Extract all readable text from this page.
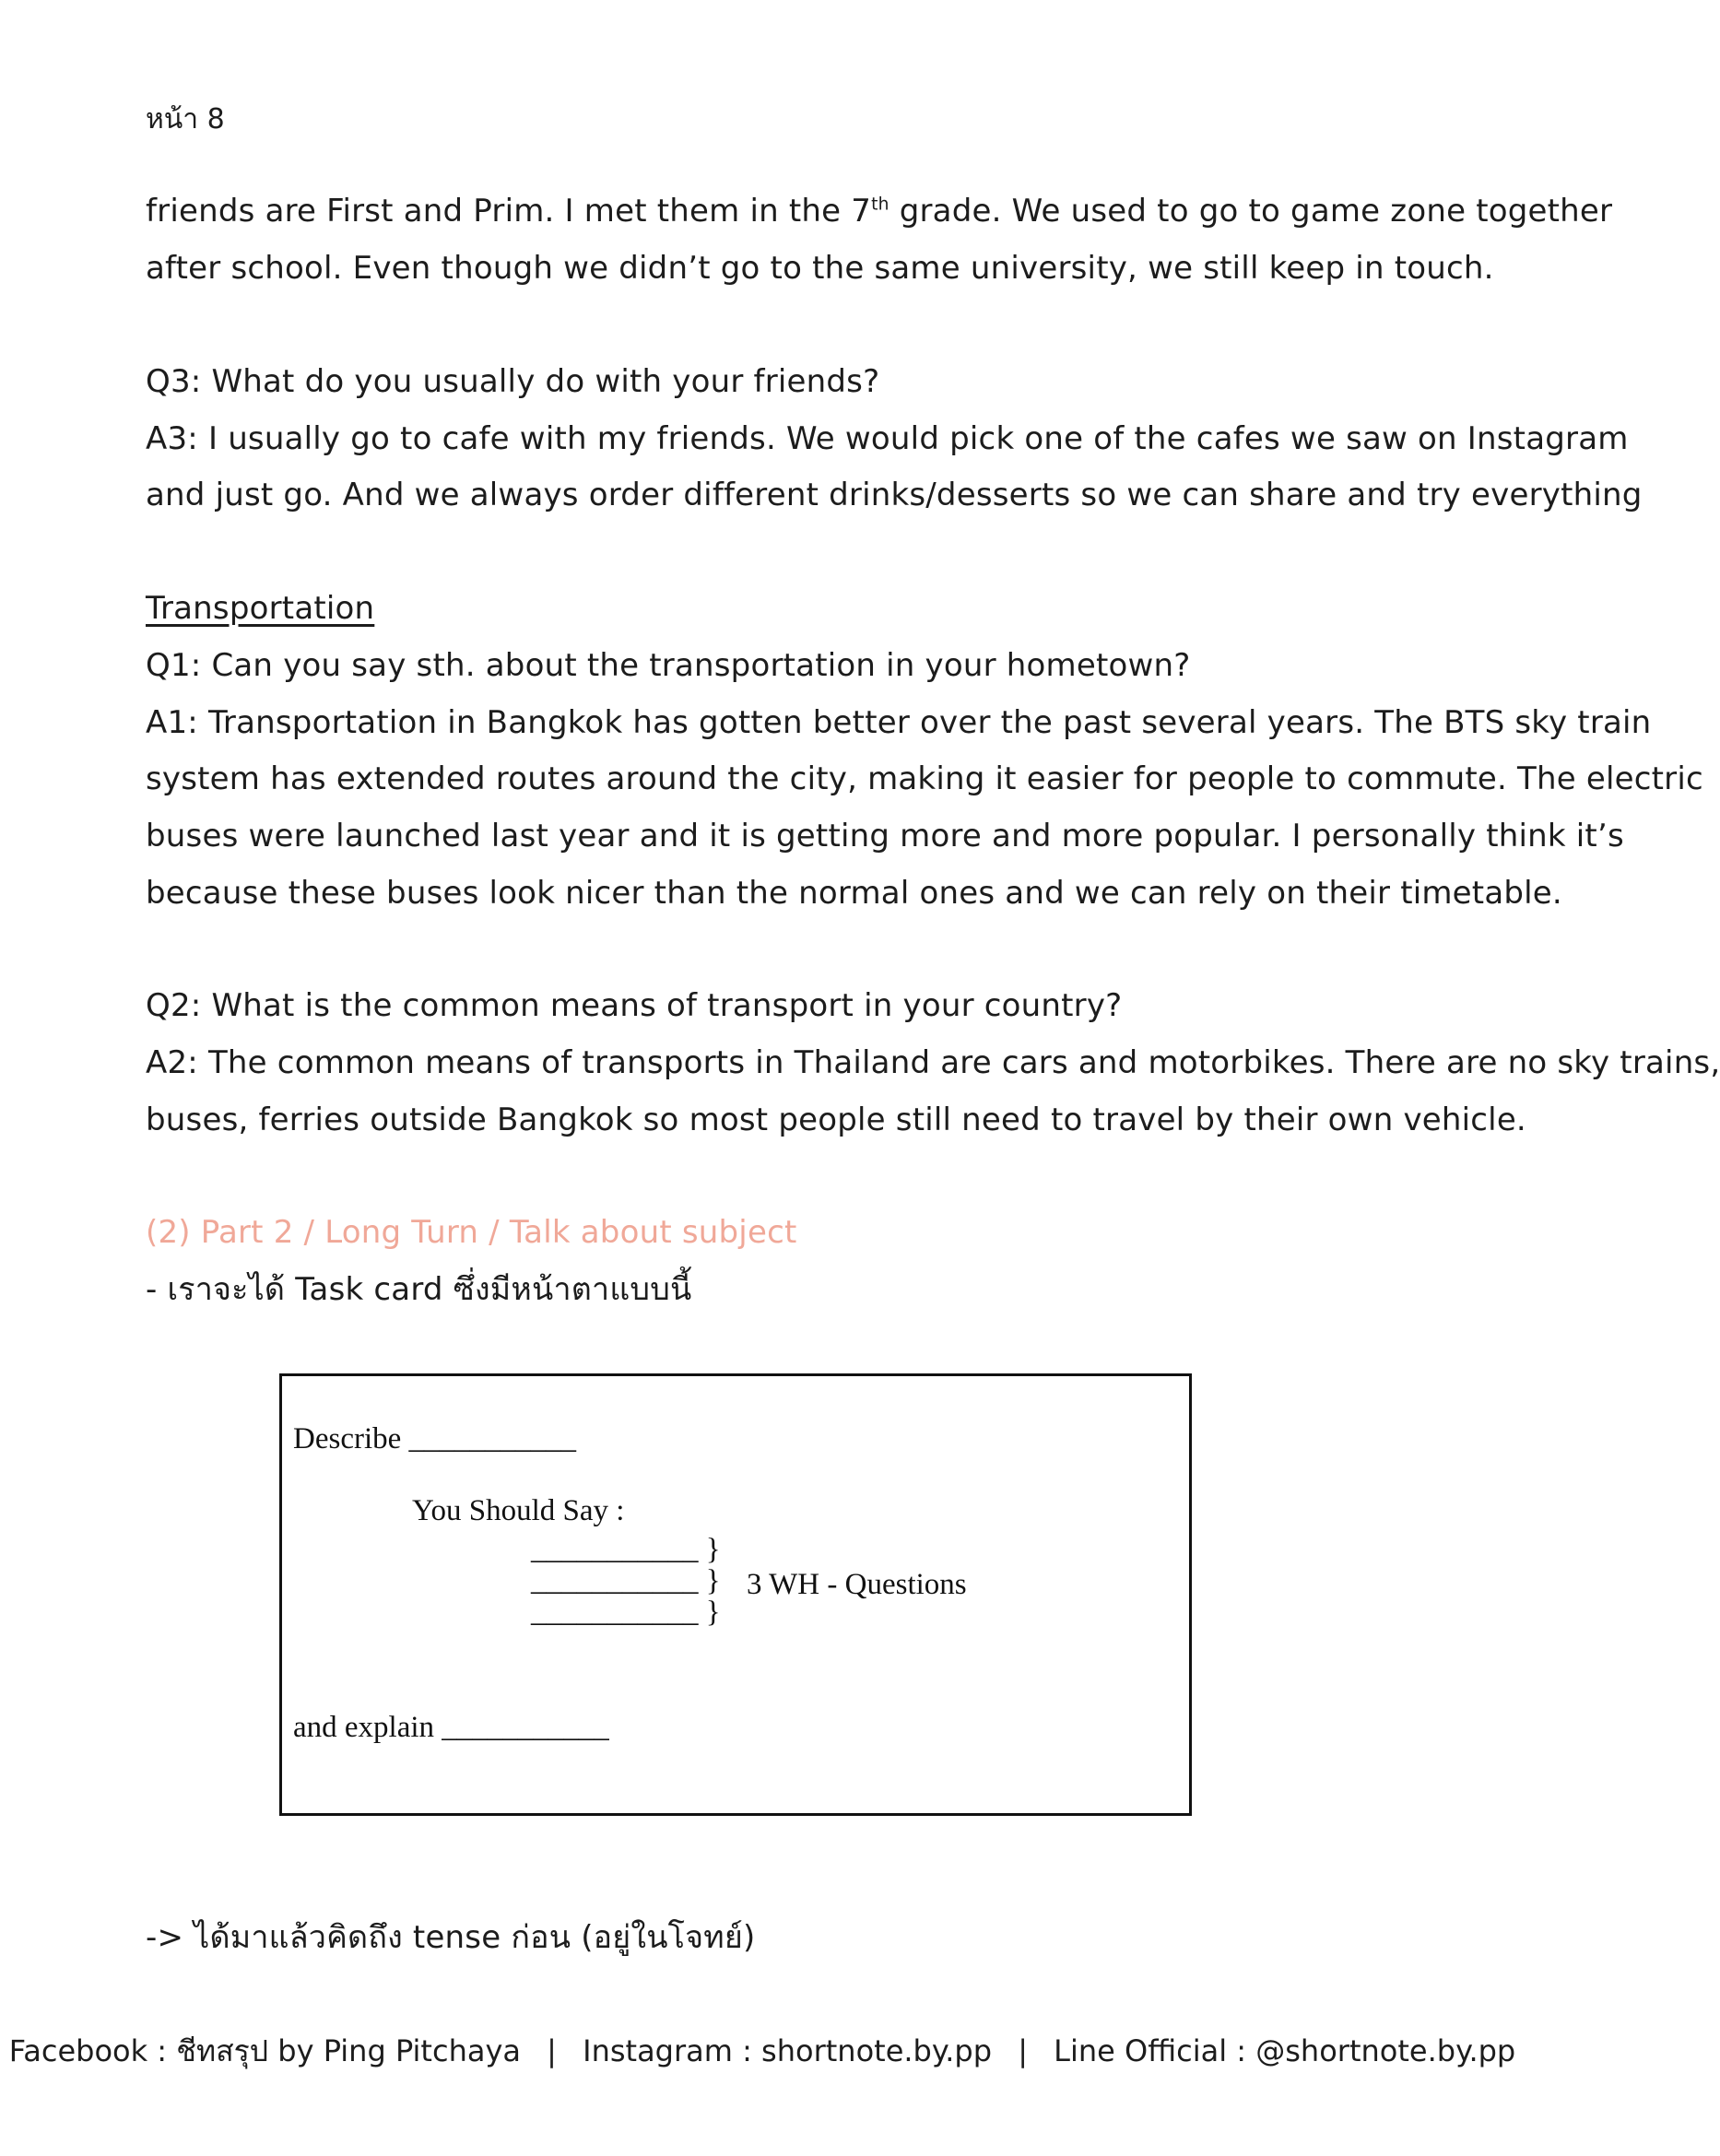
หน้า 8
friends are First and Prim. I met them in the 7th grade. We used to go to game zone together
after school. Even though we didn’t go to the same university, we still keep in touch.
Q3: What do you usually do with your friends?
A3: I usually go to cafe with my friends. We would pick one of the cafes we saw on Instagram
and just go. And we always order different drinks/desserts so we can share and try everything
Transportation
Q1: Can you say sth. about the transportation in your hometown?
A1: Transportation in Bangkok has gotten better over the past several years. The BTS sky train
system has extended routes around the city, making it easier for people to commute. The electric
buses were launched last year and it is getting more and more popular. I personally think it’s
because these buses look nicer than the normal ones and we can rely on their timetable.
Q2: What is the common means of transport in your country?
A2: The common means of transports in Thailand are cars and motorbikes. There are no sky trains,
buses, ferries outside Bangkok so most people still need to travel by their own vehicle.
(2) Part 2 / Long Turn / Talk about subject
- เราจะได้ Task card ซึ่งมีหน้าตาแบบนี้
Describe ___________
You Should Say :
___________ }
___________ }
___________ }
3 WH - Questions
and explain ___________
-> ได้มาแล้วคิดถึง tense ก่อน (อยู่ในโจทย์)
Facebook : ชีทสรุป by Ping Pitchaya | Instagram : shortnote.by.pp | Line Official : @shortnote.by.pp
